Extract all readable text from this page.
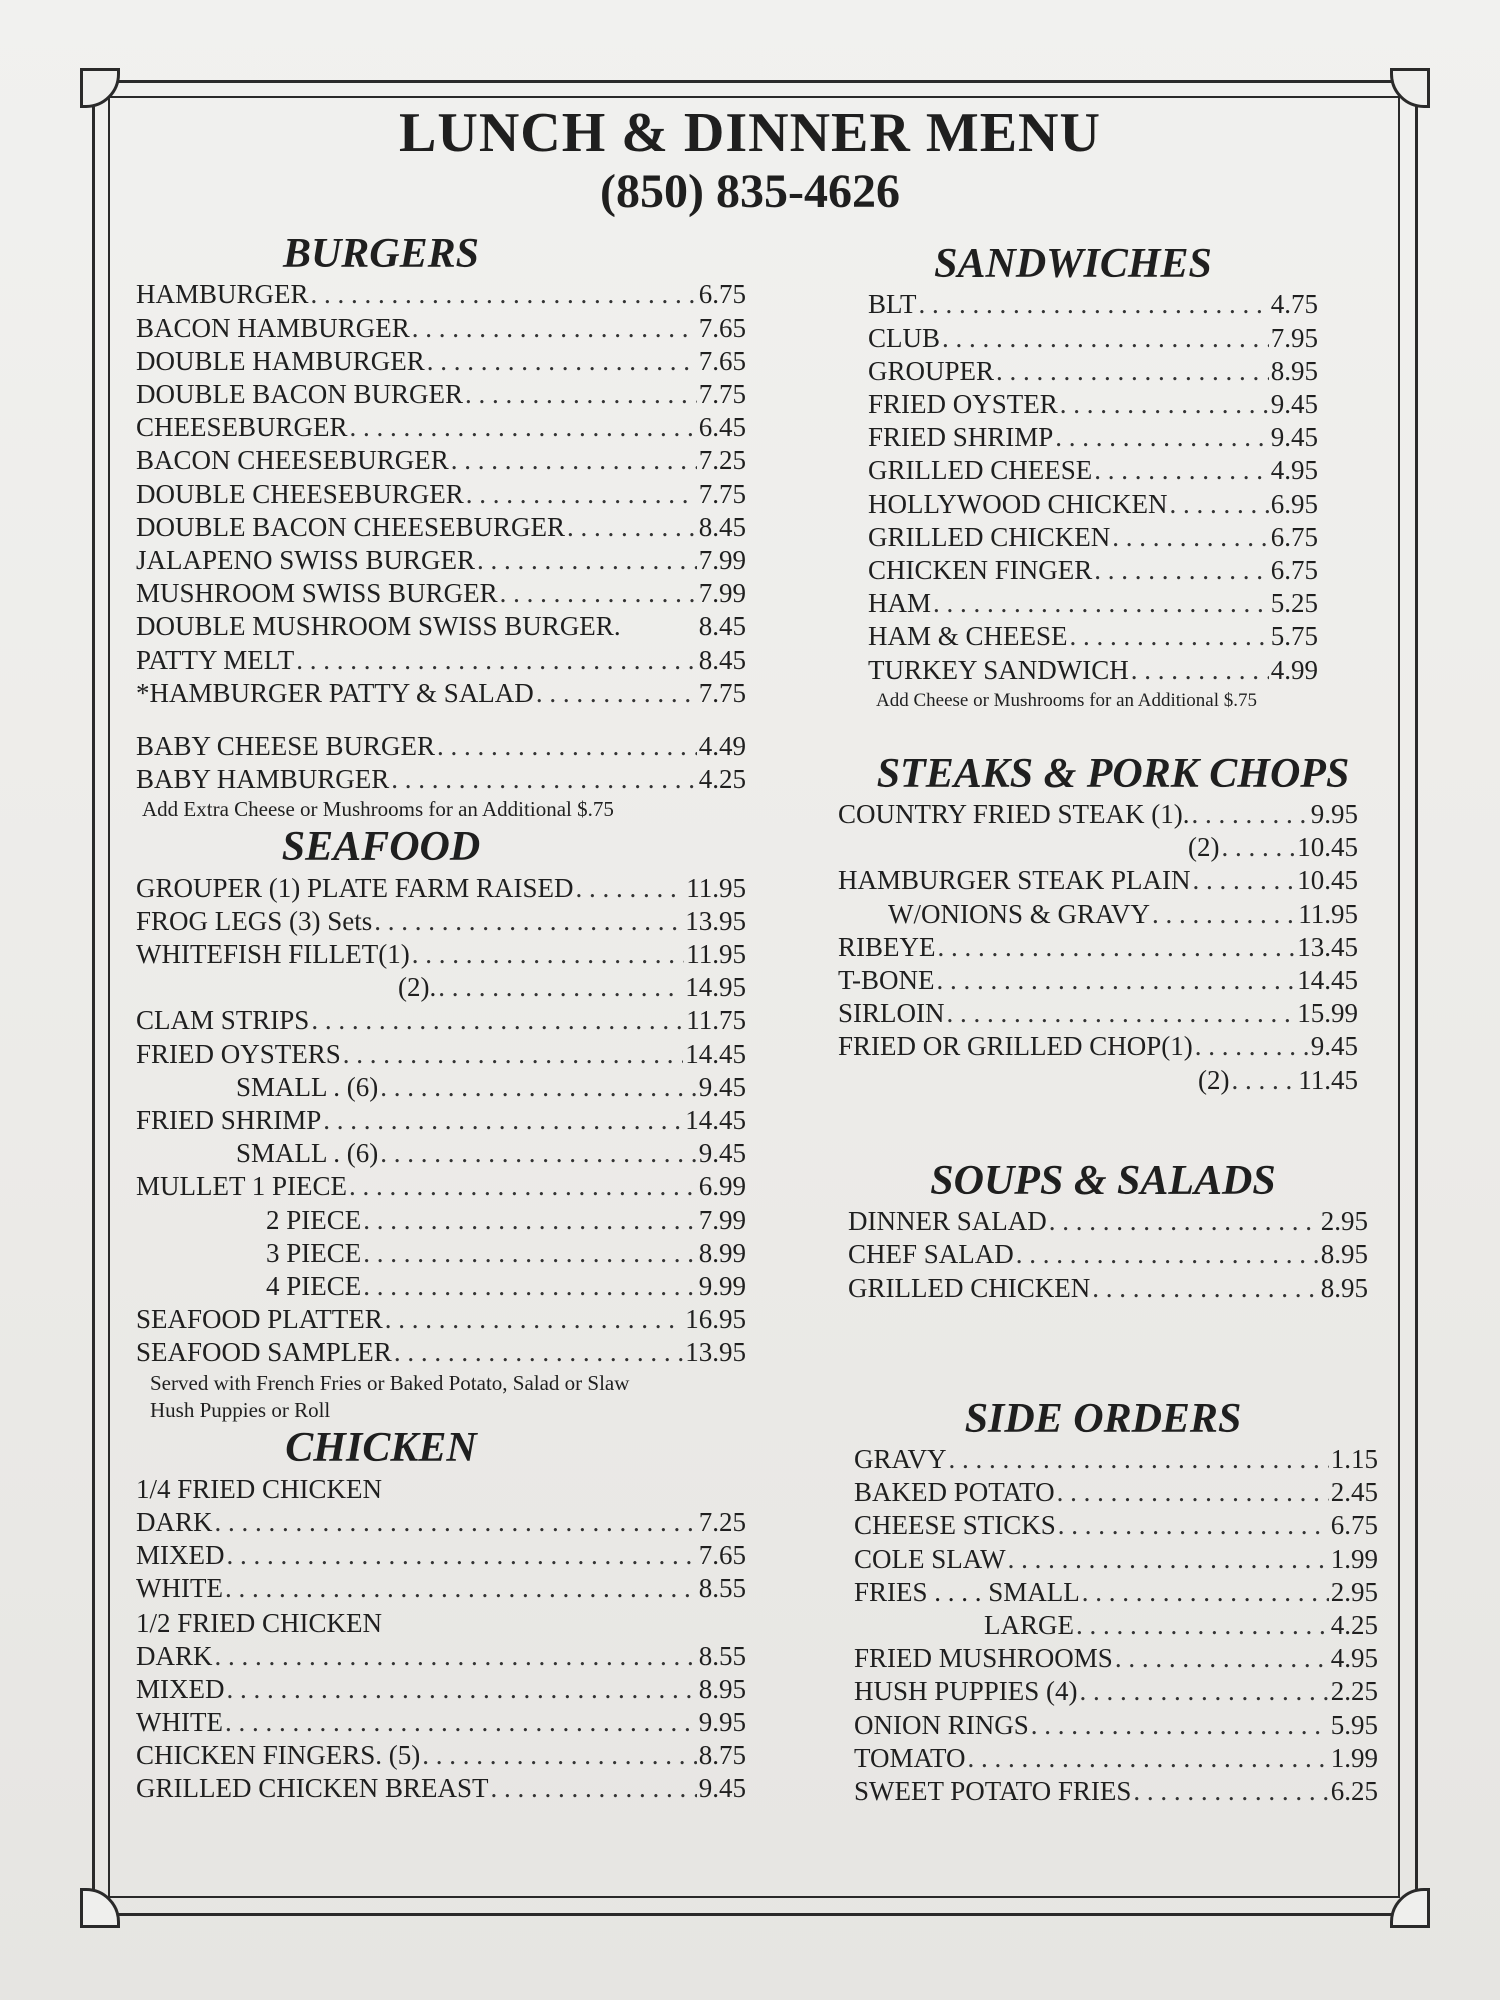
LUNCH & DINNER MENU
(850) 835-4626
BURGERS
HAMBURGER . . .	6.75
BACON HAMBURGER . . .	7.65
DOUBLE HAMBURGER . . .	7.65
DOUBLE BACON BURGER . . .	7.75
CHEESEBURGER . . .	6.45
BACON CHEESEBURGER . . .	7.25
DOUBLE CHEESEBURGER . . .	7.75
DOUBLE BACON CHEESEBURGER . . .	8.45
JALAPENO SWISS BURGER . . .	7.99
MUSHROOM SWISS BURGER . . .	7.99
DOUBLE MUSHROOM SWISS BURGER.	8.45
PATTY MELT . . .	8.45
*HAMBURGER PATTY & SALAD . . .	7.75
BABY CHEESE BURGER . . .	4.49
BABY HAMBURGER . . .	4.25
Add Extra Cheese or Mushrooms for an Additional $.75
SEAFOOD
GROUPER (1) PLATE FARM RAISED . . .	11.95
FROG LEGS (3) Sets . . .	13.95
WHITEFISH FILLET(1) . . .	11.95
(2). . . .	14.95
CLAM STRIPS . . .	11.75
FRIED OYSTERS . . .	14.45
SMALL . (6) . . .	9.45
FRIED SHRIMP . . .	14.45
SMALL . (6) . . .	9.45
MULLET 1 PIECE . . .	6.99
2 PIECE . . .	7.99
3 PIECE . . .	8.99
4 PIECE . . .	9.99
SEAFOOD PLATTER . . .	16.95
SEAFOOD SAMPLER . . .	13.95
Served with French Fries or Baked Potato, Salad or Slaw
Hush Puppies or Roll
CHICKEN
1/4 FRIED CHICKEN
DARK . . .	7.25
MIXED . . .	7.65
WHITE . . .	8.55
1/2 FRIED CHICKEN
DARK . . .	8.55
MIXED . . .	8.95
WHITE . . .	9.95
CHICKEN FINGERS. (5) . . .	8.75
GRILLED CHICKEN BREAST . . .	9.45
SANDWICHES
BLT . . .	4.75
CLUB . . .	7.95
GROUPER . . .	8.95
FRIED OYSTER . . .	9.45
FRIED SHRIMP . . .	9.45
GRILLED CHEESE . . .	4.95
HOLLYWOOD CHICKEN . . .	6.95
GRILLED CHICKEN . . .	6.75
CHICKEN FINGER . . .	6.75
HAM . . .	5.25
HAM & CHEESE . . .	5.75
TURKEY SANDWICH . . .	4.99
Add Cheese or Mushrooms for an Additional $.75
STEAKS & PORK CHOPS
COUNTRY FRIED STEAK (1). . . .	9.95
(2) . . .	10.45
HAMBURGER STEAK PLAIN . . .	10.45
W/ONIONS & GRAVY . . .	11.95
RIBEYE . . .	13.45
T-BONE . . .	14.45
SIRLOIN . . .	15.99
FRIED OR GRILLED CHOP(1) . . .	9.45
(2) . . .	11.45
SOUPS & SALADS
DINNER SALAD . . .	2.95
CHEF SALAD . . .	8.95
GRILLED CHICKEN . . .	8.95
SIDE ORDERS
GRAVY . . .	1.15
BAKED POTATO . . .	2.45
CHEESE STICKS . . .	6.75
COLE SLAW . . .	1.99
FRIES . . . . SMALL . . .	2.95
LARGE . . .	4.25
FRIED MUSHROOMS . . .	4.95
HUSH PUPPIES (4) . . .	2.25
ONION RINGS . . .	5.95
TOMATO . . .	1.99
SWEET POTATO FRIES . . .	6.25
